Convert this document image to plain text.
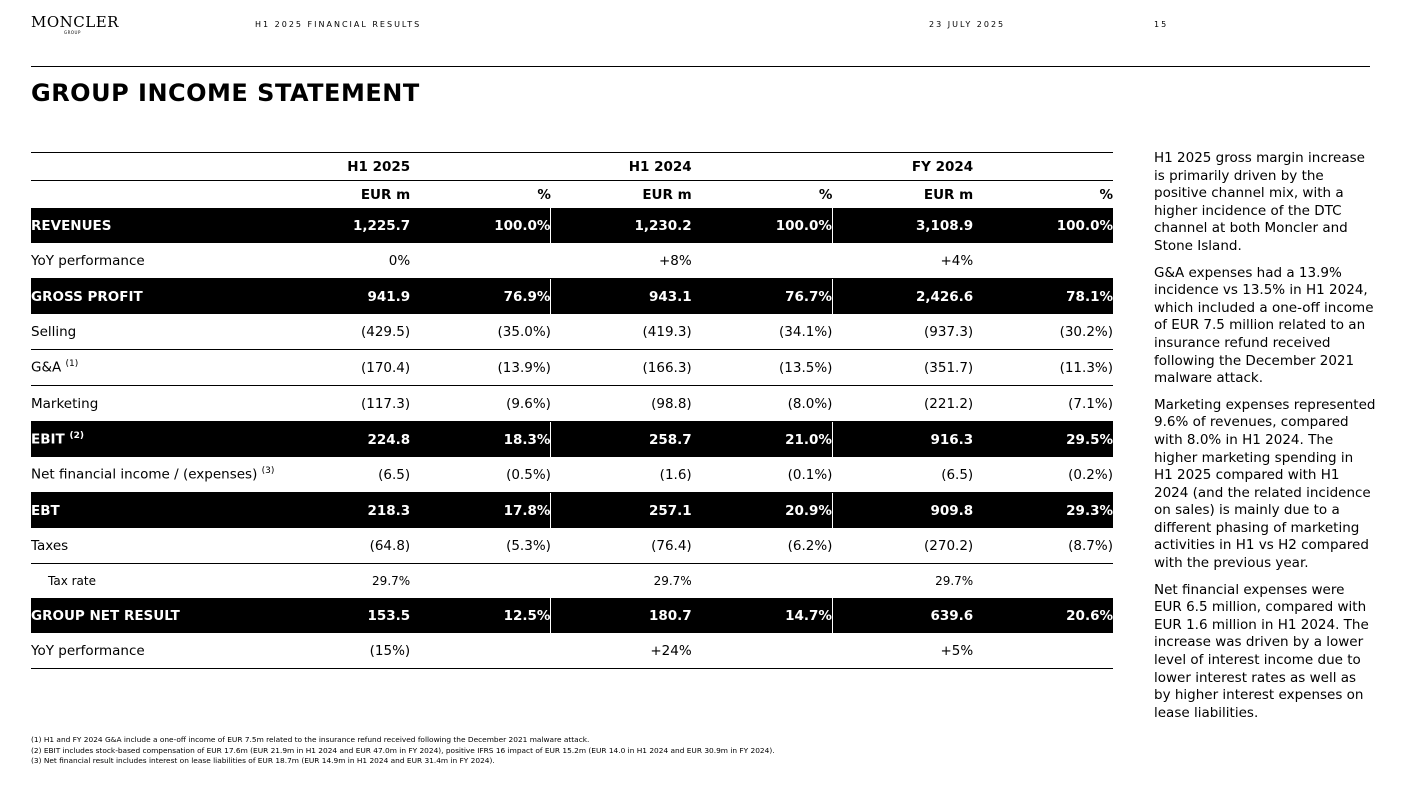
MONCLER
GROUP
H1 2025 FINANCIAL RESULTS	23 JULY 2025	15
GROUP INCOME STATEMENT
	H1 2025		H1 2024		FY 2024	
	EUR m	%	EUR m	%	EUR m	%
REVENUES	1,225.7	100.0%	1,230.2	100.0%	3,108.9	100.0%
YoY performance	0%		+8%		+4%	
GROSS PROFIT	941.9	76.9%	943.1	76.7%	2,426.6	78.1%
Selling	(429.5)	(35.0%)	(419.3)	(34.1%)	(937.3)	(30.2%)
G&A $^{(1)}$	(170.4)	(13.9%)	(166.3)	(13.5%)	(351.7)	(11.3%)
Marketing	(117.3)	(9.6%)	(98.8)	(8.0%)	(221.2)	(7.1%)
EBIT $^{(2)}$	224.8	18.3%	258.7	21.0%	916.3	29.5%
Net financial income / (expenses) $^{(3)}$	(6.5)	(0.5%)	(1.6)	(0.1%)	(6.5)	(0.2%)
EBT	218.3	17.8%	257.1	20.9%	909.8	29.3%
Taxes	(64.8)	(5.3%)	(76.4)	(6.2%)	(270.2)	(8.7%)
Tax rate	29.7%		29.7%		29.7%	
GROUP NET RESULT	153.5	12.5%	180.7	14.7%	639.6	20.6%
YoY performance	(15%)		+24%		+5%	

H1 2025 gross margin increase is primarily driven by the positive channel mix, with a higher incidence of the DTC channel at both Moncler and Stone Island.

G&A expenses had a 13.9% incidence vs 13.5% in H1 2024, which included a one-off income of EUR 7.5 million related to an insurance refund received following the December 2021 malware attack.

Marketing expenses represented 9.6% of revenues, compared with 8.0% in H1 2024. The higher marketing spending in H1 2025 compared with H1 2024 (and the related incidence on sales) is mainly due to a different phasing of marketing activities in H1 vs H2 compared with the previous year.

Net financial expenses were EUR 6.5 million, compared with EUR 1.6 million in H1 2024. The increase was driven by a lower level of interest income due to lower interest rates as well as by higher interest expenses on lease liabilities.

(1) H1 and FY 2024 G&A include a one-off income of EUR 7.5m related to the insurance refund received following the December 2021 malware attack.
(2) EBIT includes stock-based compensation of EUR 17.6m (EUR 21.9m in H1 2024 and EUR 47.0m in FY 2024), positive IFRS 16 impact of EUR 15.2m (EUR 14.0 in H1 2024 and EUR 30.9m in FY 2024).
(3) Net financial result includes interest on lease liabilities of EUR 18.7m (EUR 14.9m in H1 2024 and EUR 31.4m in FY 2024).
